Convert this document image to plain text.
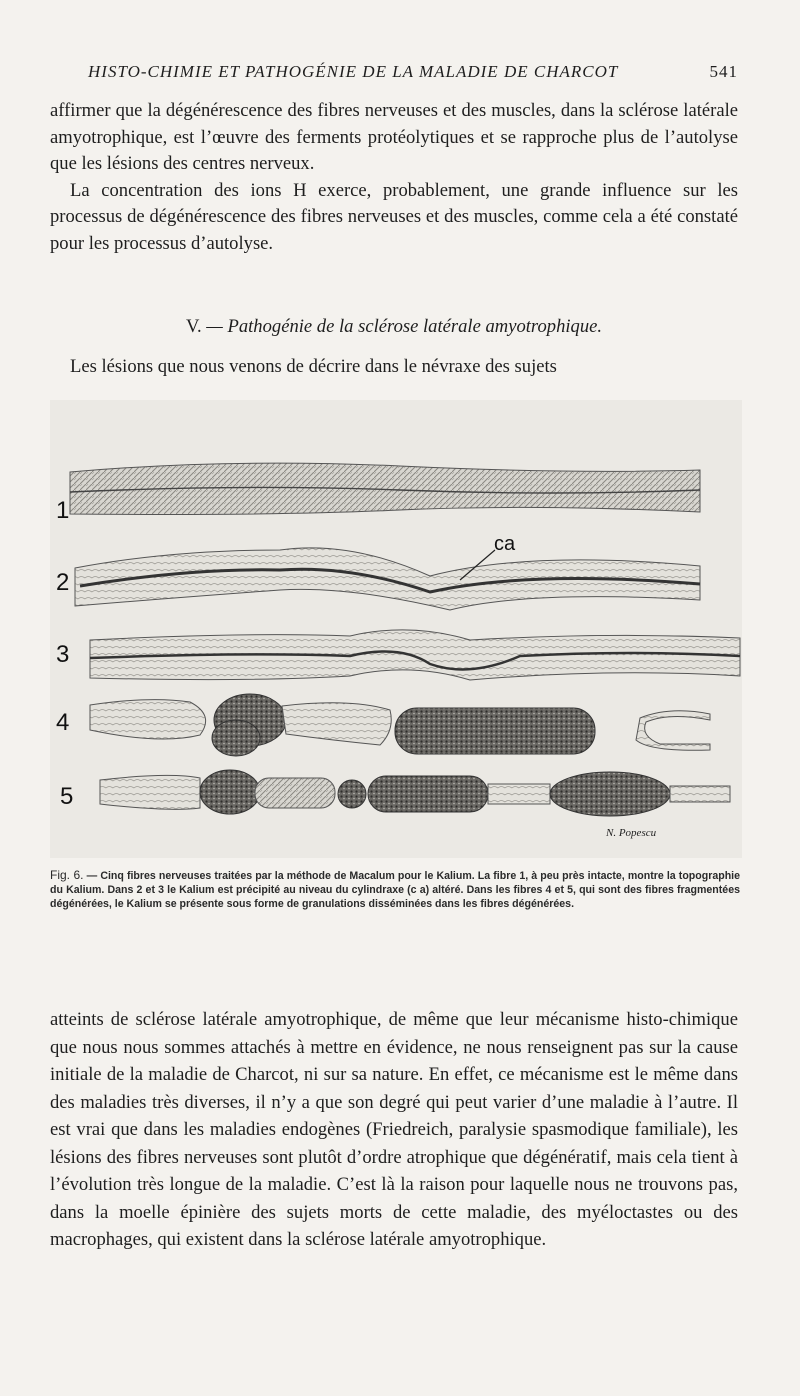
HISTO-CHIMIE ET PATHOGÉNIE DE LA MALADIE DE CHARCOT	541

affirmer que la dégénérescence des fibres nerveuses et des muscles, dans la sclérose latérale amyotrophique, est l’œuvre des ferments protéolytiques et se rapproche plus de l’autolyse que les lésions des centres nerveux.

La concentration des ions H exerce, probablement, une grande influence sur les processus de dégénérescence des fibres nerveuses et des muscles, comme cela a été constaté pour les processus d’autolyse.

V. — Pathogénie de la sclérose latérale amyotrophique.
Les lésions que nous venons de décrire dans le névraxe des sujets
1
2
3
4
5
ca
N. Popescu
Fig. 6. — Cinq fibres nerveuses traitées par la méthode de Macalum pour le Kalium. La fibre 1, à peu près intacte, montre la topographie du Kalium. Dans 2 et 3 le Kalium est précipité au niveau du cylindraxe (c a) altéré. Dans les fibres 4 et 5, qui sont des fibres fragmentées dégénérées, le Kalium se présente sous forme de granulations disséminées dans les fibres dégénérées.
atteints de sclérose latérale amyotrophique, de même que leur mécanisme histo-chimique que nous nous sommes attachés à mettre en évidence, ne nous renseignent pas sur la cause initiale de la maladie de Charcot, ni sur sa nature. En effet, ce mécanisme est le même dans des maladies très diverses, il n’y a que son degré qui peut varier d’une maladie à l’autre. Il est vrai que dans les maladies endogènes (Friedreich, paralysie spasmodique familiale), les lésions des fibres nerveuses sont plutôt d’ordre atrophique que dégénératif, mais cela tient à l’évolution très longue de la maladie. C’est là la raison pour laquelle nous ne trouvons pas, dans la moelle épinière des sujets morts de cette maladie, des myéloctastes ou des macrophages, qui existent dans la sclérose latérale amyotrophique.
